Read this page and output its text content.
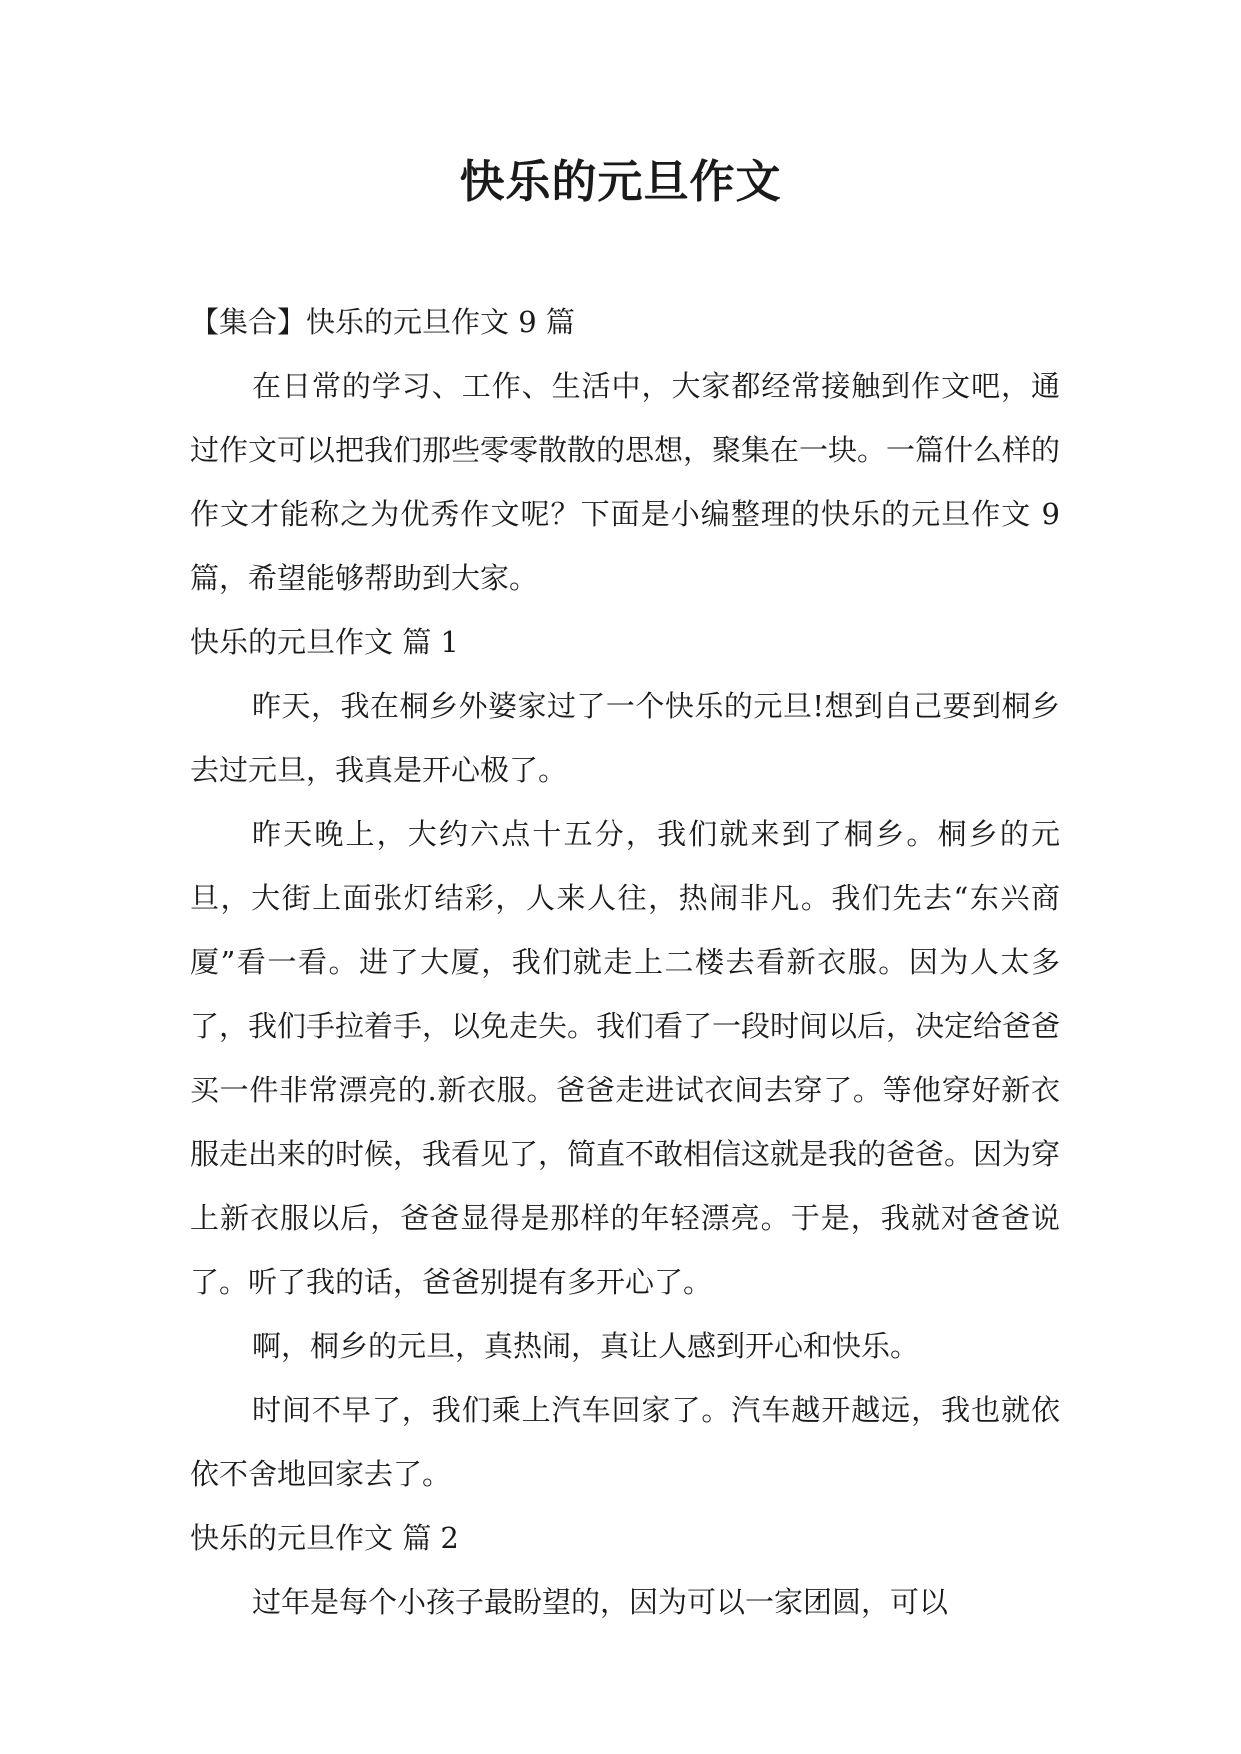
快乐的元旦作文

【集合】快乐的元旦作文 9 篇

在日常的学习、工作、生活中，大家都经常接触到作文吧，通过作文可以把我们那些零零散散的思想，聚集在一块。一篇什么样的作文才能称之为优秀作文呢？下面是小编整理的快乐的元旦作文 9 篇，希望能够帮助到大家。

快乐的元旦作文 篇 1

昨天，我在桐乡外婆家过了一个快乐的元旦!想到自己要到桐乡去过元旦，我真是开心极了。

昨天晚上，大约六点十五分，我们就来到了桐乡。桐乡的元旦，大街上面张灯结彩，人来人往，热闹非凡。我们先去“东兴商厦”看一看。进了大厦，我们就走上二楼去看新衣服。因为人太多了，我们手拉着手，以免走失。我们看了一段时间以后，决定给爸爸买一件非常漂亮的.新衣服。爸爸走进试衣间去穿了。等他穿好新衣服走出来的时候，我看见了，简直不敢相信这就是我的爸爸。因为穿上新衣服以后，爸爸显得是那样的年轻漂亮。于是，我就对爸爸说了。听了我的话，爸爸别提有多开心了。

啊，桐乡的元旦，真热闹，真让人感到开心和快乐。

时间不早了，我们乘上汽车回家了。汽车越开越远，我也就依依不舍地回家去了。

快乐的元旦作文 篇 2

过年是每个小孩子最盼望的，因为可以一家团圆，可以
